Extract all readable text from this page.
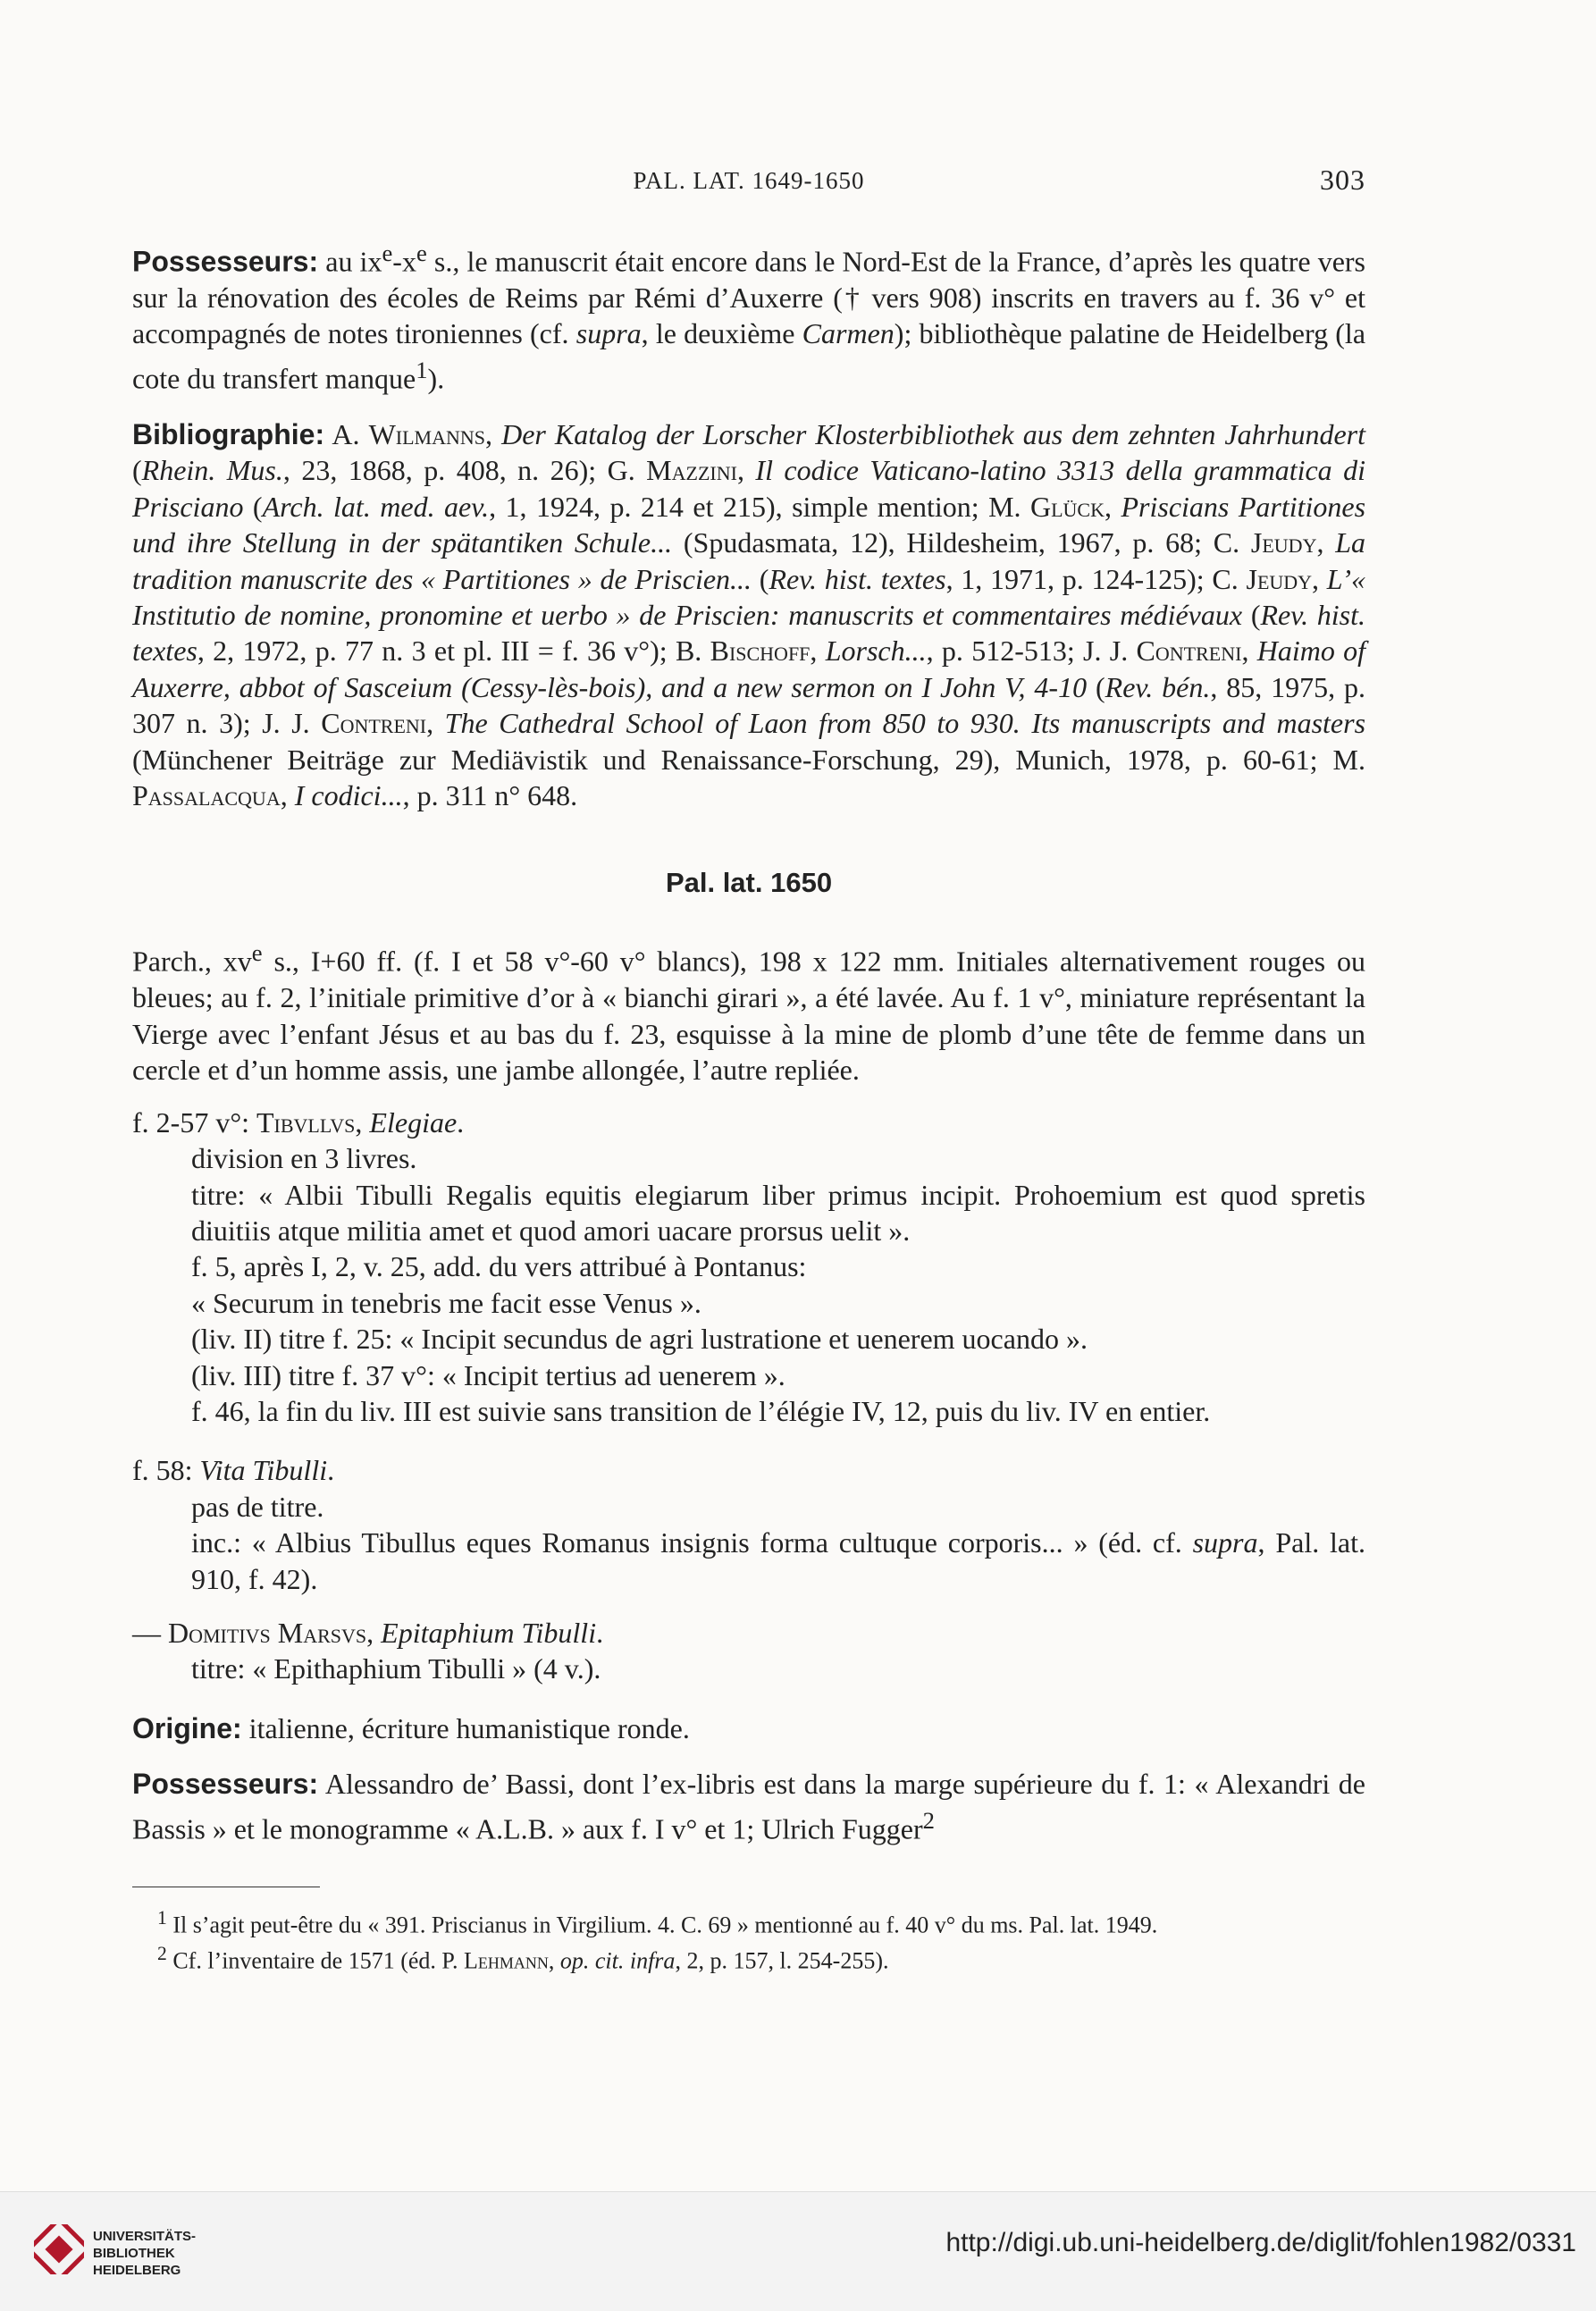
PAL. LAT. 1649-1650	303

Possesseurs: au $ix^e-x^e$ s., le manuscrit était encore dans le Nord-Est de la France, d’après les quatre vers sur la rénovation des écoles de Reims par Rémi d’Auxerre († vers 908) inscrits en travers au f. 36 v° et accompagnés de notes tironiennes (cf. supra, le deuxième Carmen); bibliothèque palatine de Heidelberg (la cote du transfert manque$^1$).

Bibliographie: A. Wilmanns, Der Katalog der Lorscher Klosterbibliothek aus dem zehnten Jahrhundert (Rhein. Mus., 23, 1868, p. 408, n. 26); G. Mazzini, Il codice Vaticano-latino 3313 della grammatica di Prisciano (Arch. lat. med. aev., 1, 1924, p. 214 et 215), simple mention; M. Glück, Priscians Partitiones und ihre Stellung in der spätantiken Schule... (Spudasmata, 12), Hildesheim, 1967, p. 68; C. Jeudy, La tradition manuscrite des « Partitiones » de Priscien... (Rev. hist. textes, 1, 1971, p. 124-125); C. Jeudy, L’« Institutio de nomine, pronomine et uerbo » de Priscien: manuscrits et commentaires médiévaux (Rev. hist. textes, 2, 1972, p. 77 n. 3 et pl. III = f. 36 v°); B. Bischoff, Lorsch..., p. 512-513; J. J. Contreni, Haimo of Auxerre, abbot of Sasceium (Cessy-lès-bois), and a new sermon on I John V, 4-10 (Rev. bén., 85, 1975, p. 307 n. 3); J. J. Contreni, The Cathedral School of Laon from 850 to 930. Its manuscripts and masters (Münchener Beiträge zur Mediävistik und Renaissance-Forschung, 29), Munich, 1978, p. 60-61; M. Passalacqua, I codici..., p. 311 n° 648.

Pal. lat. 1650

Parch., $xv^e$ s., I+60 ff. (f. I et 58 v°-60 v° blancs), 198 x 122 mm. Initiales alternativement rouges ou bleues; au f. 2, l’initiale primitive d’or à « bianchi girari », a été lavée. Au f. 1 v°, miniature représentant la Vierge avec l’enfant Jésus et au bas du f. 23, esquisse à la mine de plomb d’une tête de femme dans un cercle et d’un homme assis, une jambe allongée, l’autre repliée.

f. 2-57 v°: Tibvllvs, Elegiae.

division en 3 livres.

titre: « Albii Tibulli Regalis equitis elegiarum liber primus incipit. Prohoemium est quod spretis diuitiis atque militia amet et quod amori uacare prorsus uelit ».

f. 5, après I, 2, v. 25, add. du vers attribué à Pontanus:

« Securum in tenebris me facit esse Venus ».

(liv. II) titre f. 25: « Incipit secundus de agri lustratione et uenerem uocando ».

(liv. III) titre f. 37 v°: « Incipit tertius ad uenerem ».

f. 46, la fin du liv. III est suivie sans transition de l’élégie IV, 12, puis du liv. IV en entier.

f. 58: Vita Tibulli.

pas de titre.

inc.: « Albius Tibullus eques Romanus insignis forma cultuque corporis... » (éd. cf. supra, Pal. lat. 910, f. 42).

— Domitivs Marsvs, Epitaphium Tibulli.

titre: « Epithaphium Tibulli » (4 v.).

Origine: italienne, écriture humanistique ronde.

Possesseurs: Alessandro de’ Bassi, dont l’ex-libris est dans la marge supérieure du f. 1: « Alexandri de Bassis » et le monogramme « A.L.B. » aux f. I v° et 1; Ulrich Fugger$^2$

$^1$ Il s’agit peut-être du « 391. Priscianus in Virgilium. 4. C. 69 » mentionné au f. 40 v° du ms. Pal. lat. 1949.
$^2$ Cf. l’inventaire de 1571 (éd. P. Lehmann, op. cit. infra, 2, p. 157, l. 254-255).
UNIVERSITÄTS-
BIBLIOTHEK
HEIDELBERG
http://digi.ub.uni-heidelberg.de/diglit/fohlen1982/0331
